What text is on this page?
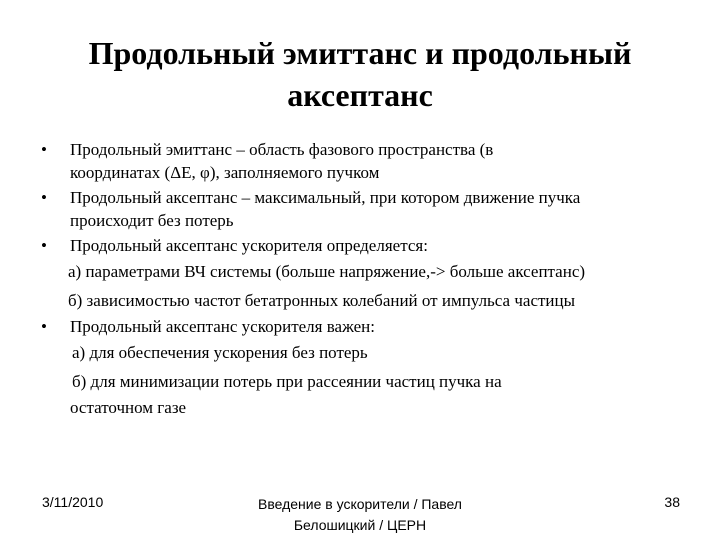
Продольный эмиттанс и продольный
аксептанс
•	Продольный эмиттанс – область фазового пространства (в
координатах (ΔE, φ), заполняемого пучком
•	Продольный аксептанс – максимальный, при котором движение пучка
происходит без потерь
•	Продольный аксептанс ускорителя определяется:
а) параметрами ВЧ системы (больше напряжение,-> больше аксептанс)
б) зависимостью частот бетатронных колебаний от импульса частицы
•	Продольный аксептанс ускорителя важен:
а) для обеспечения ускорения без потерь
б) для минимизации потерь при рассеянии частиц пучка на
остаточном газе
3/11/2010	Введение в ускорители / Павел
Белошицкий / ЦЕРН
38
